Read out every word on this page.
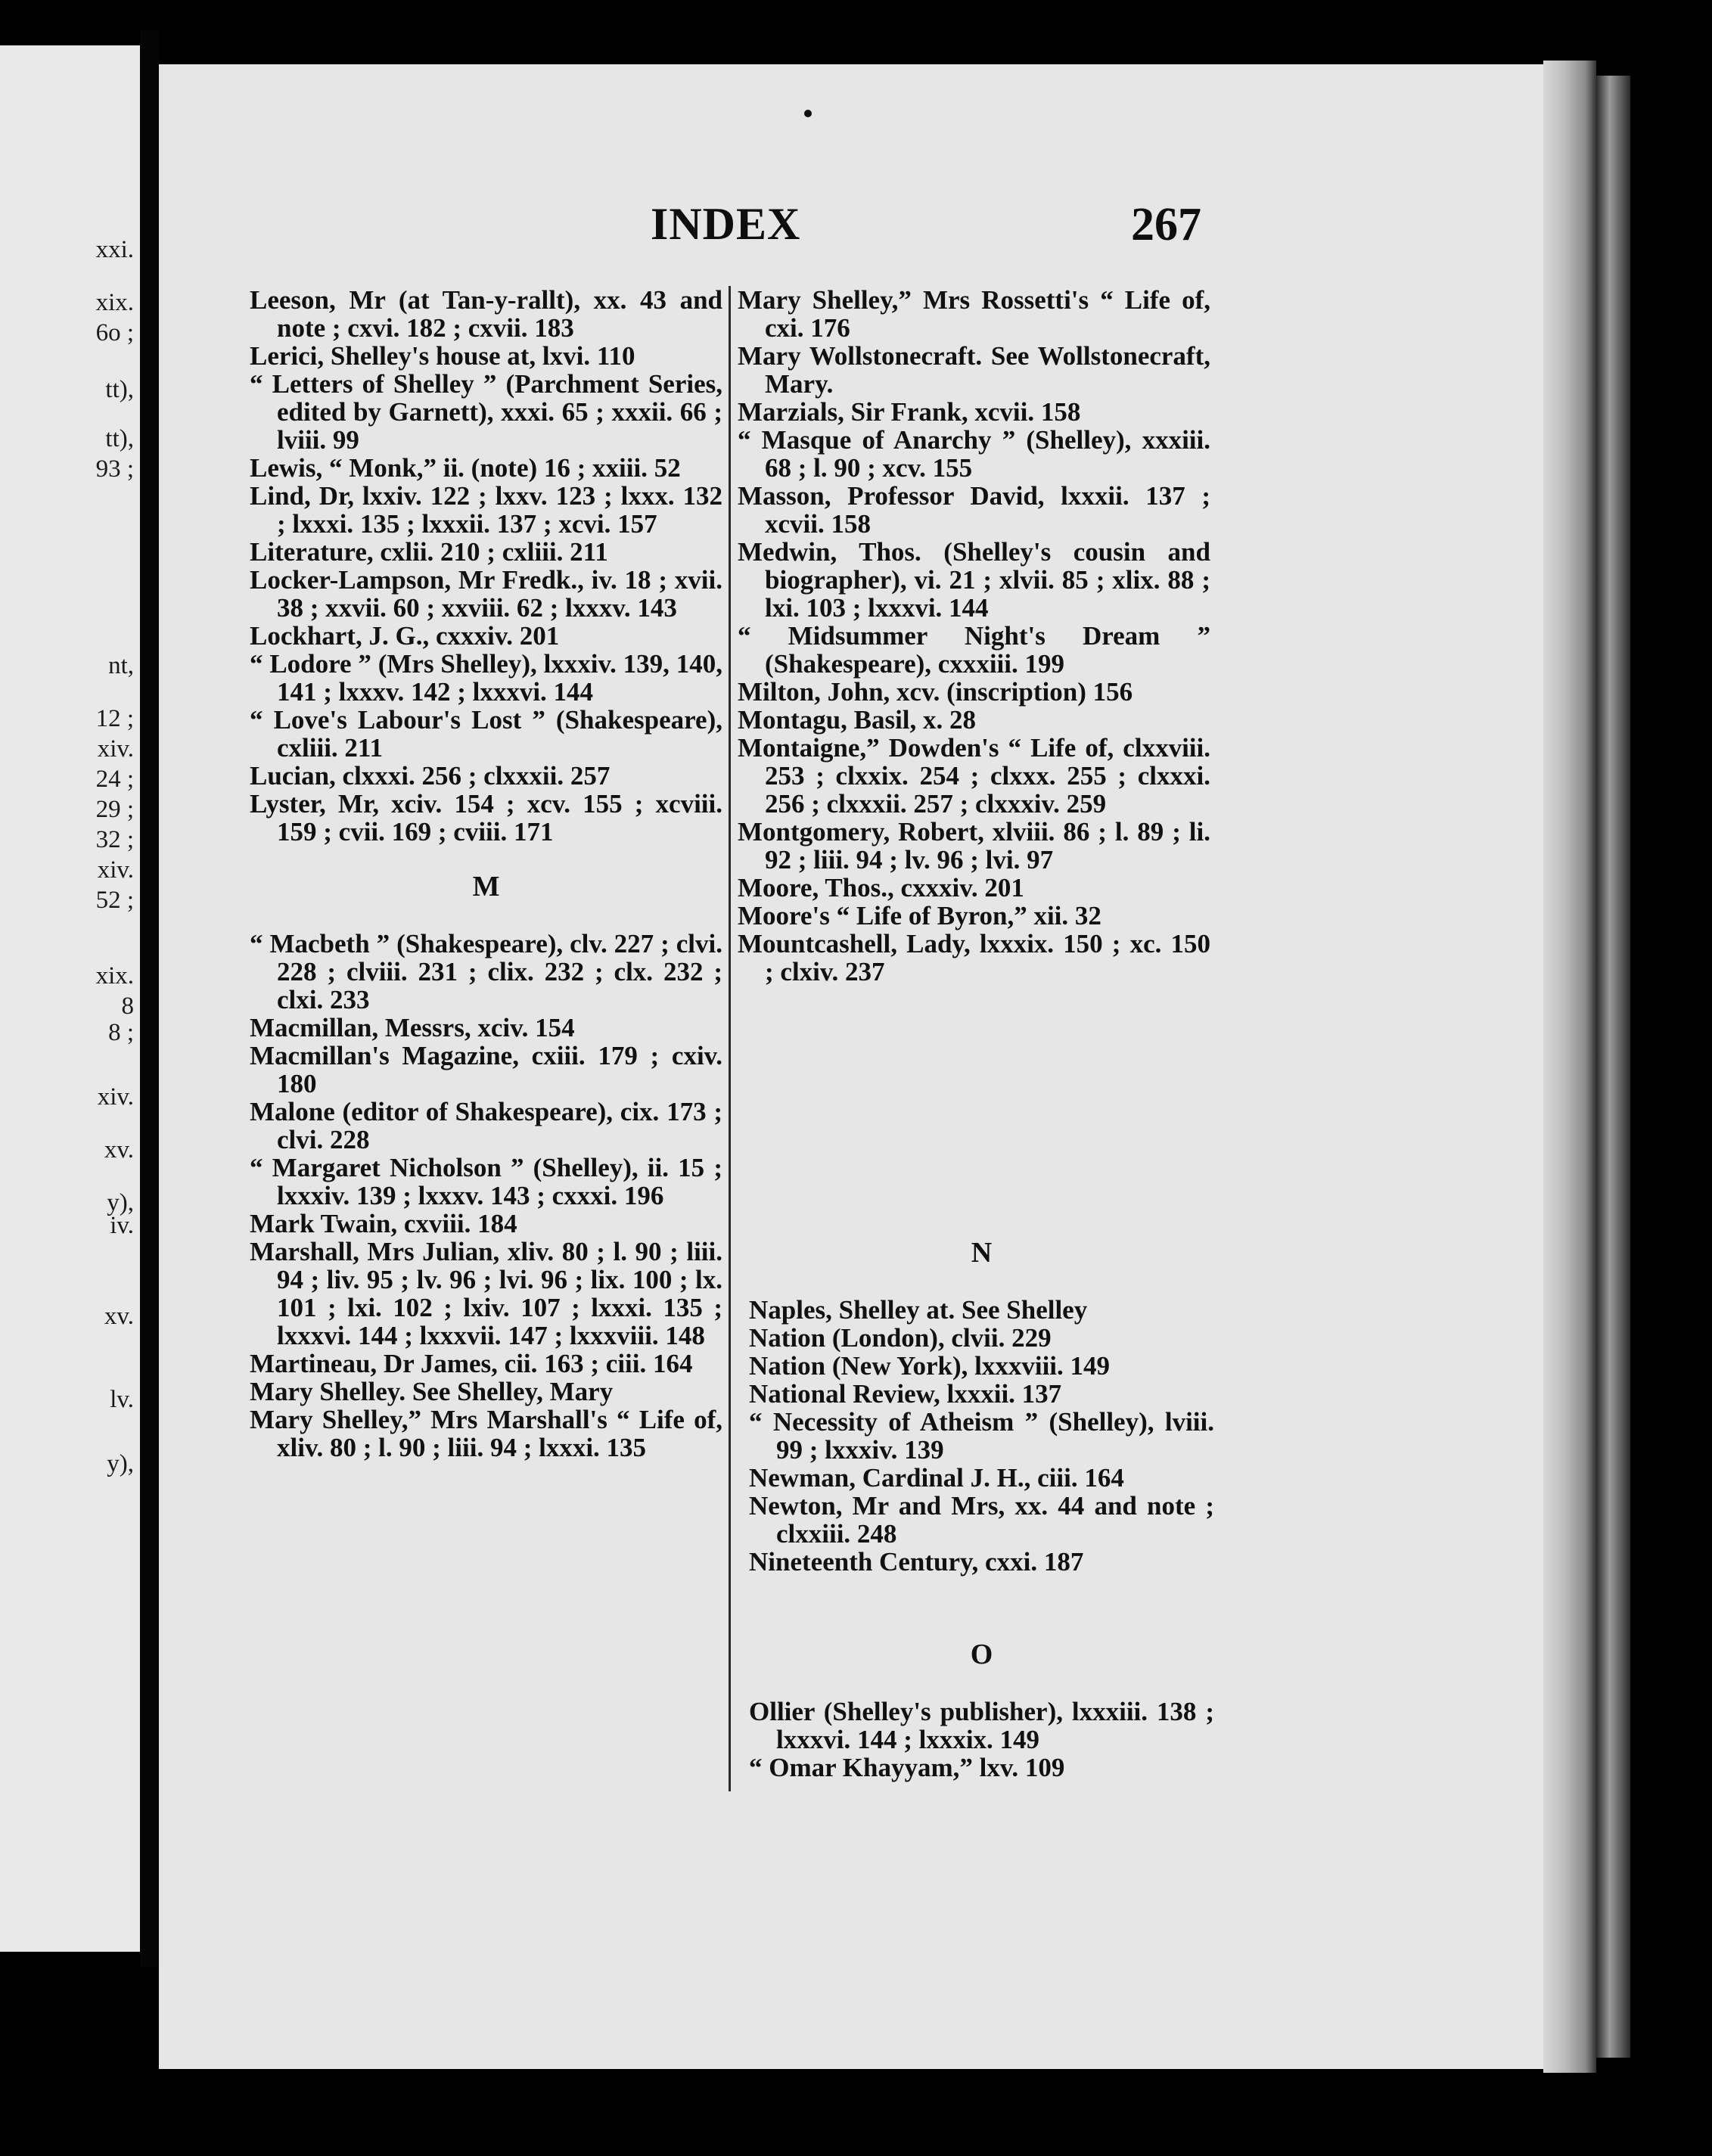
xxi.
xix.
6o ;
tt),
tt),
93 ;
nt,
12 ;
xiv.
24 ;
29 ;
32 ;
xiv.
52 ;
xix.
8
8 ;
xiv.
xv.
y),
iv.
xv.
lv.
y),
INDEX	267
Leeson, Mr (at Tan-y-rallt), xx. 43 and note ; cxvi. 182 ; cxvii. 183
Lerici, Shelley's house at, lxvi. 110
“ Letters of Shelley ” (Parchment Series, edited by Garnett), xxxi. 65 ; xxxii. 66 ; lviii. 99
Lewis, “ Monk,” ii. (note) 16 ; xxiii. 52
Lind, Dr, lxxiv. 122 ; lxxv. 123 ; lxxx. 132 ; lxxxi. 135 ; lxxxii. 137 ; xcvi. 157
Literature, cxlii. 210 ; cxliii. 211
Locker-Lampson, Mr Fredk., iv. 18 ; xvii. 38 ; xxvii. 60 ; xxviii. 62 ; lxxxv. 143
Lockhart, J. G., cxxxiv. 201
“ Lodore ” (Mrs Shelley), lxxxiv. 139, 140, 141 ; lxxxv. 142 ; lxxxvi. 144
“ Love's Labour's Lost ” (Shakespeare), cxliii. 211
Lucian, clxxxi. 256 ; clxxxii. 257
Lyster, Mr, xciv. 154 ; xcv. 155 ; xcviii. 159 ; cvii. 169 ; cviii. 171
M
“ Macbeth ” (Shakespeare), clv. 227 ; clvi. 228 ; clviii. 231 ; clix. 232 ; clx. 232 ; clxi. 233
Macmillan, Messrs, xciv. 154
Macmillan's Magazine, cxiii. 179 ; cxiv. 180
Malone (editor of Shakespeare), cix. 173 ; clvi. 228
“ Margaret Nicholson ” (Shelley), ii. 15 ; lxxxiv. 139 ; lxxxv. 143 ; cxxxi. 196
Mark Twain, cxviii. 184
Marshall, Mrs Julian, xliv. 80 ; l. 90 ; liii. 94 ; liv. 95 ; lv. 96 ; lvi. 96 ; lix. 100 ; lx. 101 ; lxi. 102 ; lxiv. 107 ; lxxxi. 135 ; lxxxvi. 144 ; lxxxvii. 147 ; lxxxviii. 148
Martineau, Dr James, cii. 163 ; ciii. 164
Mary Shelley. See Shelley, Mary
Mary Shelley,” Mrs Marshall's “ Life of, xliv. 80 ; l. 90 ; liii. 94 ; lxxxi. 135
Mary Shelley,” Mrs Rossetti's “ Life of, cxi. 176
Mary Wollstonecraft. See Wollstonecraft, Mary.
Marzials, Sir Frank, xcvii. 158
“ Masque of Anarchy ” (Shelley), xxxiii. 68 ; l. 90 ; xcv. 155
Masson, Professor David, lxxxii. 137 ; xcvii. 158
Medwin, Thos. (Shelley's cousin and biographer), vi. 21 ; xlvii. 85 ; xlix. 88 ; lxi. 103 ; lxxxvi. 144
“ Midsummer Night's Dream ” (Shakespeare), cxxxiii. 199
Milton, John, xcv. (inscription) 156
Montagu, Basil, x. 28
Montaigne,” Dowden's “ Life of, clxxviii. 253 ; clxxix. 254 ; clxxx. 255 ; clxxxi. 256 ; clxxxii. 257 ; clxxxiv. 259
Montgomery, Robert, xlviii. 86 ; l. 89 ; li. 92 ; liii. 94 ; lv. 96 ; lvi. 97
Moore, Thos., cxxxiv. 201
Moore's “ Life of Byron,” xii. 32
Mountcashell, Lady, lxxxix. 150 ; xc. 150 ; clxiv. 237
N
Naples, Shelley at. See Shelley
Nation (London), clvii. 229
Nation (New York), lxxxviii. 149
National Review, lxxxii. 137
“ Necessity of Atheism ” (Shelley), lviii. 99 ; lxxxiv. 139
Newman, Cardinal J. H., ciii. 164
Newton, Mr and Mrs, xx. 44 and note ; clxxiii. 248
Nineteenth Century, cxxi. 187
O
Ollier (Shelley's publisher), lxxxiii. 138 ; lxxxvi. 144 ; lxxxix. 149
“ Omar Khayyam,” lxv. 109
